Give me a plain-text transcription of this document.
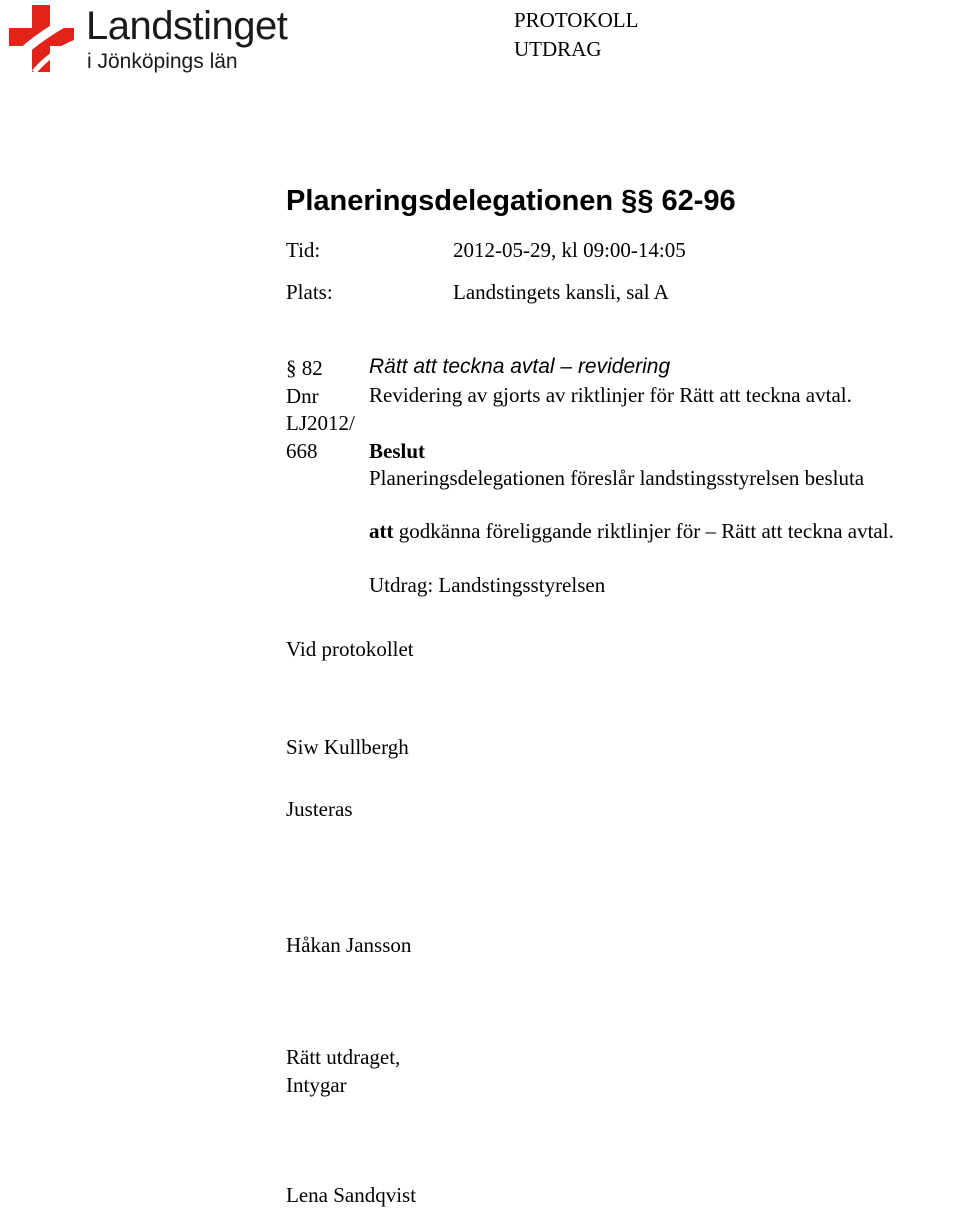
Landstinget
i Jönköpings län
PROTOKOLL
UTDRAG
Planeringsdelegationen §§ 62-96
Tid:	2012-05-29, kl 09:00-14:05
Plats:	Landstingets kansli, sal A
§ 82 Rätt att teckna avtal – revidering
Dnr Revidering av gjorts av riktlinjer för Rätt att teckna avtal.
LJ2012/
668 Beslut
Planeringsdelegationen föreslår landstingsstyrelsen besluta
att godkänna föreliggande riktlinjer för – Rätt att teckna avtal.
Utdrag: Landstingsstyrelsen
Vid protokollet
Siw Kullbergh
Justeras
Håkan Jansson
Rätt utdraget,
Intygar
Lena Sandqvist
